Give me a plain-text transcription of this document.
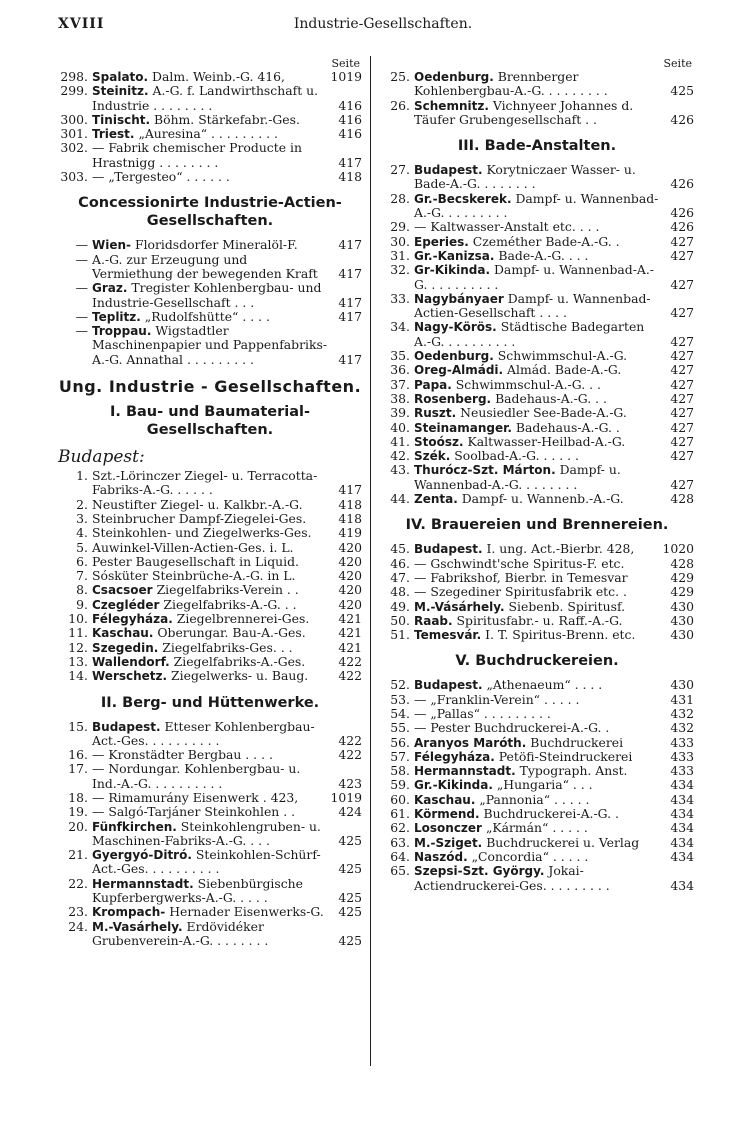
XVIII	Industrie-Gesellschaften.
Seite
298. Spalato. Dalm. Weinb.-G. 416,	1019
299. Steinitz. A.-G. f. Landwirthschaft u. Industrie . . . . . . . .	416
300. Tinischt. Böhm. Stärkefabr.-Ges.	416
301. Triest. „Auresina“ . . . . . . . . .	416
302. — Fabrik chemischer Producte in Hrastnigg . . . . . . . .	417
303. — „Tergesteo“ . . . . . .	418
Concessionirte Industrie-Actien-Gesellschaften.
— Wien- Floridsdorfer Mineralöl-F.	417
— A.-G. zur Erzeugung und Vermiethung der bewegenden Kraft	417
— Graz. Tregister Kohlenbergbau- und Industrie-Gesellschaft . . .	417
— Teplitz. „Rudolfshütte“ . . . .	417
— Troppau. Wigstadtler Maschinenpapier und Pappenfabriks-A.-G. Annathal . . . . . . . . .	417
Ung. Industrie - Gesellschaften.
I. Bau- und Baumaterial-Gesellschaften.
Budapest:
1. Szt.-Lörinczer Ziegel- u. Terracotta-Fabriks-A.-G. . . . . .	417
2. Neustifter Ziegel- u. Kalkbr.-A.-G.	418
3. Steinbrucher Dampf-Ziegelei-Ges.	418
4. Steinkohlen- und Ziegelwerks-Ges.	419
5. Auwinkel-Villen-Actien-Ges. i. L.	420
6. Pester Baugesellschaft in Liquid.	420
7. Sósküter Steinbrüche-A.-G. in L.	420
8. Csacsoer Ziegelfabriks-Verein . .	420
9. Czegléder Ziegelfabriks-A.-G. . .	420
10. Félegyháza. Ziegelbrennerei-Ges.	421
11. Kaschau. Oberungar. Bau-A.-Ges.	421
12. Szegedin. Ziegelfabriks-Ges. . .	421
13. Wallendorf. Ziegelfabriks-A.-Ges.	422
14. Werschetz. Ziegelwerks- u. Baug.	422
II. Berg- und Hüttenwerke.
15. Budapest. Etteser Kohlenbergbau-Act.-Ges. . . . . . . . . .	422
16. — Kronstädter Bergbau . . . .	422
17. — Nordungar. Kohlenbergbau- u. Ind.-A.-G. . . . . . . . . .	423
18. — Rimamurány Eisenwerk . 423,	1019
19. — Salgó-Tarjáner Steinkohlen . .	424
20. Fünfkirchen. Steinkohlengruben- u. Maschinen-Fabriks-A.-G. . . .	425
21. Gyergyó-Ditró. Steinkohlen-Schürf-Act.-Ges. . . . . . . . . .	425
22. Hermannstadt. Siebenbürgische Kupferbergwerks-A.-G. . . . .	425
23. Krompach- Hernader Eisenwerks-G.	425
24. M.-Vasárhely. Erdövidéker Grubenverein-A.-G. . . . . . . .	425
Seite
25. Oedenburg. Brennberger Kohlenbergbau-A.-G. . . . . . . . .	425
26. Schemnitz. Vichnyeer Johannes d. Täufer Grubengesellschaft . .	426
III. Bade-Anstalten.
27. Budapest. Korytniczaer Wasser- u. Bade-A.-G. . . . . . . .	426
28. Gr.-Becskerek. Dampf- u. Wannenbad-A.-G. . . . . . . . .	426
29. — Kaltwasser-Anstalt etc. . . .	426
30. Eperies. Czeméther Bade-A.-G. .	427
31. Gr.-Kanizsa. Bade-A.-G. . . .	427
32. Gr-Kikinda. Dampf- u. Wannenbad-A.-G. . . . . . . . . .	427
33. Nagybányaer Dampf- u. Wannenbad-Actien-Gesellschaft . . . .	427
34. Nagy-Körös. Städtische Badegarten A.-G. . . . . . . . . .	427
35. Oedenburg. Schwimmschul-A.-G.	427
36. Oreg-Almádi. Almád. Bade-A.-G.	427
37. Papa. Schwimmschul-A.-G. . .	427
38. Rosenberg. Badehaus-A.-G. . .	427
39. Ruszt. Neusiedler See-Bade-A.-G.	427
40. Steinamanger. Badehaus-A.-G. .	427
41. Stoósz. Kaltwasser-Heilbad-A.-G.	427
42. Szék. Soolbad-A.-G. . . . . .	427
43. Thurócz-Szt. Márton. Dampf- u. Wannenbad-A.-G. . . . . . . .	427
44. Zenta. Dampf- u. Wannenb.-A.-G.	428
IV. Brauereien und Brennereien.
45. Budapest. I. ung. Act.-Bierbr. 428, 1020
46. — Gschwindt'sche Spiritus-F. etc.	428
47. — Fabrikshof, Bierbr. in Temesvar	429
48. — Szegediner Spiritusfabrik etc. .	429
49. M.-Vásárhely. Siebenb. Spiritusf.	430
50. Raab. Spiritusfabr.- u. Raff.-A.-G.	430
51. Temesvár. I. T. Spiritus-Brenn. etc.	430
V. Buchdruckereien.
52. Budapest. „Athenaeum“ . . . .	430
53. — „Franklin-Verein“ . . . . .	431
54. — „Pallas“ . . . . . . . . .	432
55. — Pester Buchdruckerei-A.-G. .	432
56. Aranyos Maróth. Buchdruckerei	433
57. Félegyháza. Petöfi-Steindruckerei	433
58. Hermannstadt. Typograph. Anst.	433
59. Gr.-Kikinda. „Hungaria“ . . .	434
60. Kaschau. „Pannonia“ . . . . .	434
61. Körmend. Buchdruckerei-A.-G. .	434
62. Losonczer „Kármán“ . . . . .	434
63. M.-Sziget. Buchdruckerei u. Verlag	434
64. Naszód. „Concordia“ . . . . .	434
65. Szepsi-Szt. György. Jokai-Actiendruckerei-Ges. . . . . . . . .	434
